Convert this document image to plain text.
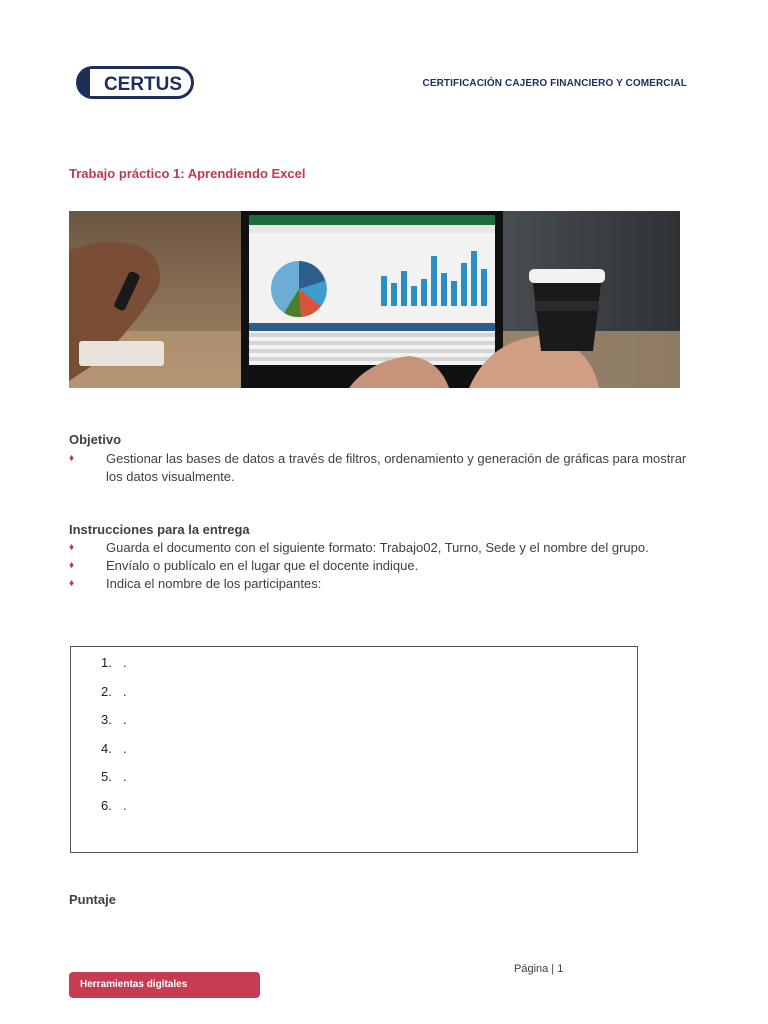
CERTUS	CERTIFICACIÓN CAJERO FINANCIERO Y COMERCIAL
Trabajo práctico 1: Aprendiendo Excel
Objetivo
♦ Gestionar las bases de datos a través de filtros, ordenamiento y generación de gráficas para mostrar los datos visualmente.
Instrucciones para la entrega
♦ Guarda el documento con el siguiente formato: Trabajo02, Turno, Sede y el nombre del grupo.
♦ Envíalo o publícalo en el lugar que el docente indique.
♦ Indica el nombre de los participantes:
1. .
2. .
3. .
4. .
5. .
6. .
Puntaje
Página | 1
Herramientas digitales
